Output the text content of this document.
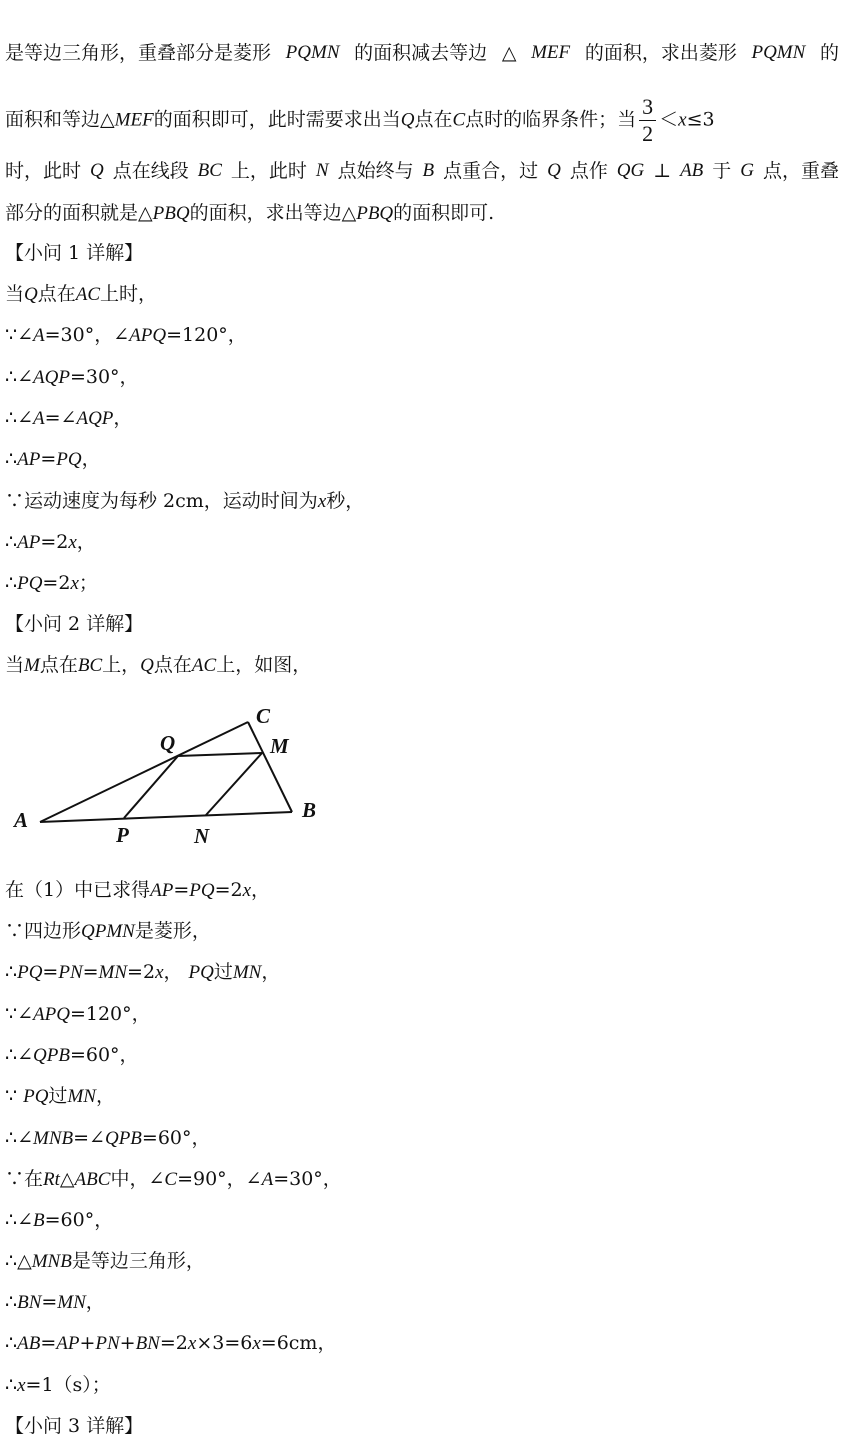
是等边三角形，重叠部分是菱形 PQMN 的面积减去等边 △ MEF 的面积，求出菱形 PQMN 的
面积和等边△MEF的面积即可，此时需要求出当Q点在C点时的临界条件；当 $\frac{3}{2} <x\le 3$
时，此时 Q 点在线段 BC 上，此时 N 点始终与 B 点重合，过 Q 点作 QG ⊥ AB 于 G 点，重叠
部分的面积就是△PBQ的面积，求出等边△PBQ的面积即可.
【小问 1 详解】
当Q点在AC上时，
∵∠A=30°，∠APQ=120°，
∴∠AQP=30°，
∴∠A=∠AQP，
∴AP=PQ，
∵运动速度为每秒 2cm，运动时间为x秒，
∴AP=2x，
∴PQ=2x；
【小问 2 详解】
当M点在BC上，Q点在AC上，如图，
A	B
C
Q	M
P	N
在（1）中已求得AP=PQ=2x，
∵四边形QPMN是菱形，
∴PQ=PN=MN=2x， PQ过MN，
∵∠APQ=120°，
∴∠QPB=60°，
∵ PQ过MN，
∴∠MNB=∠QPB=60°，
∵在Rt△ABC中，∠C=90°，∠A=30°，
∴∠B=60°，
∴△MNB是等边三角形，
∴BN=MN，
∴AB=AP+PN+BN=2x×3=6x=6cm，
∴x=1（s）；
【小问 3 详解】
